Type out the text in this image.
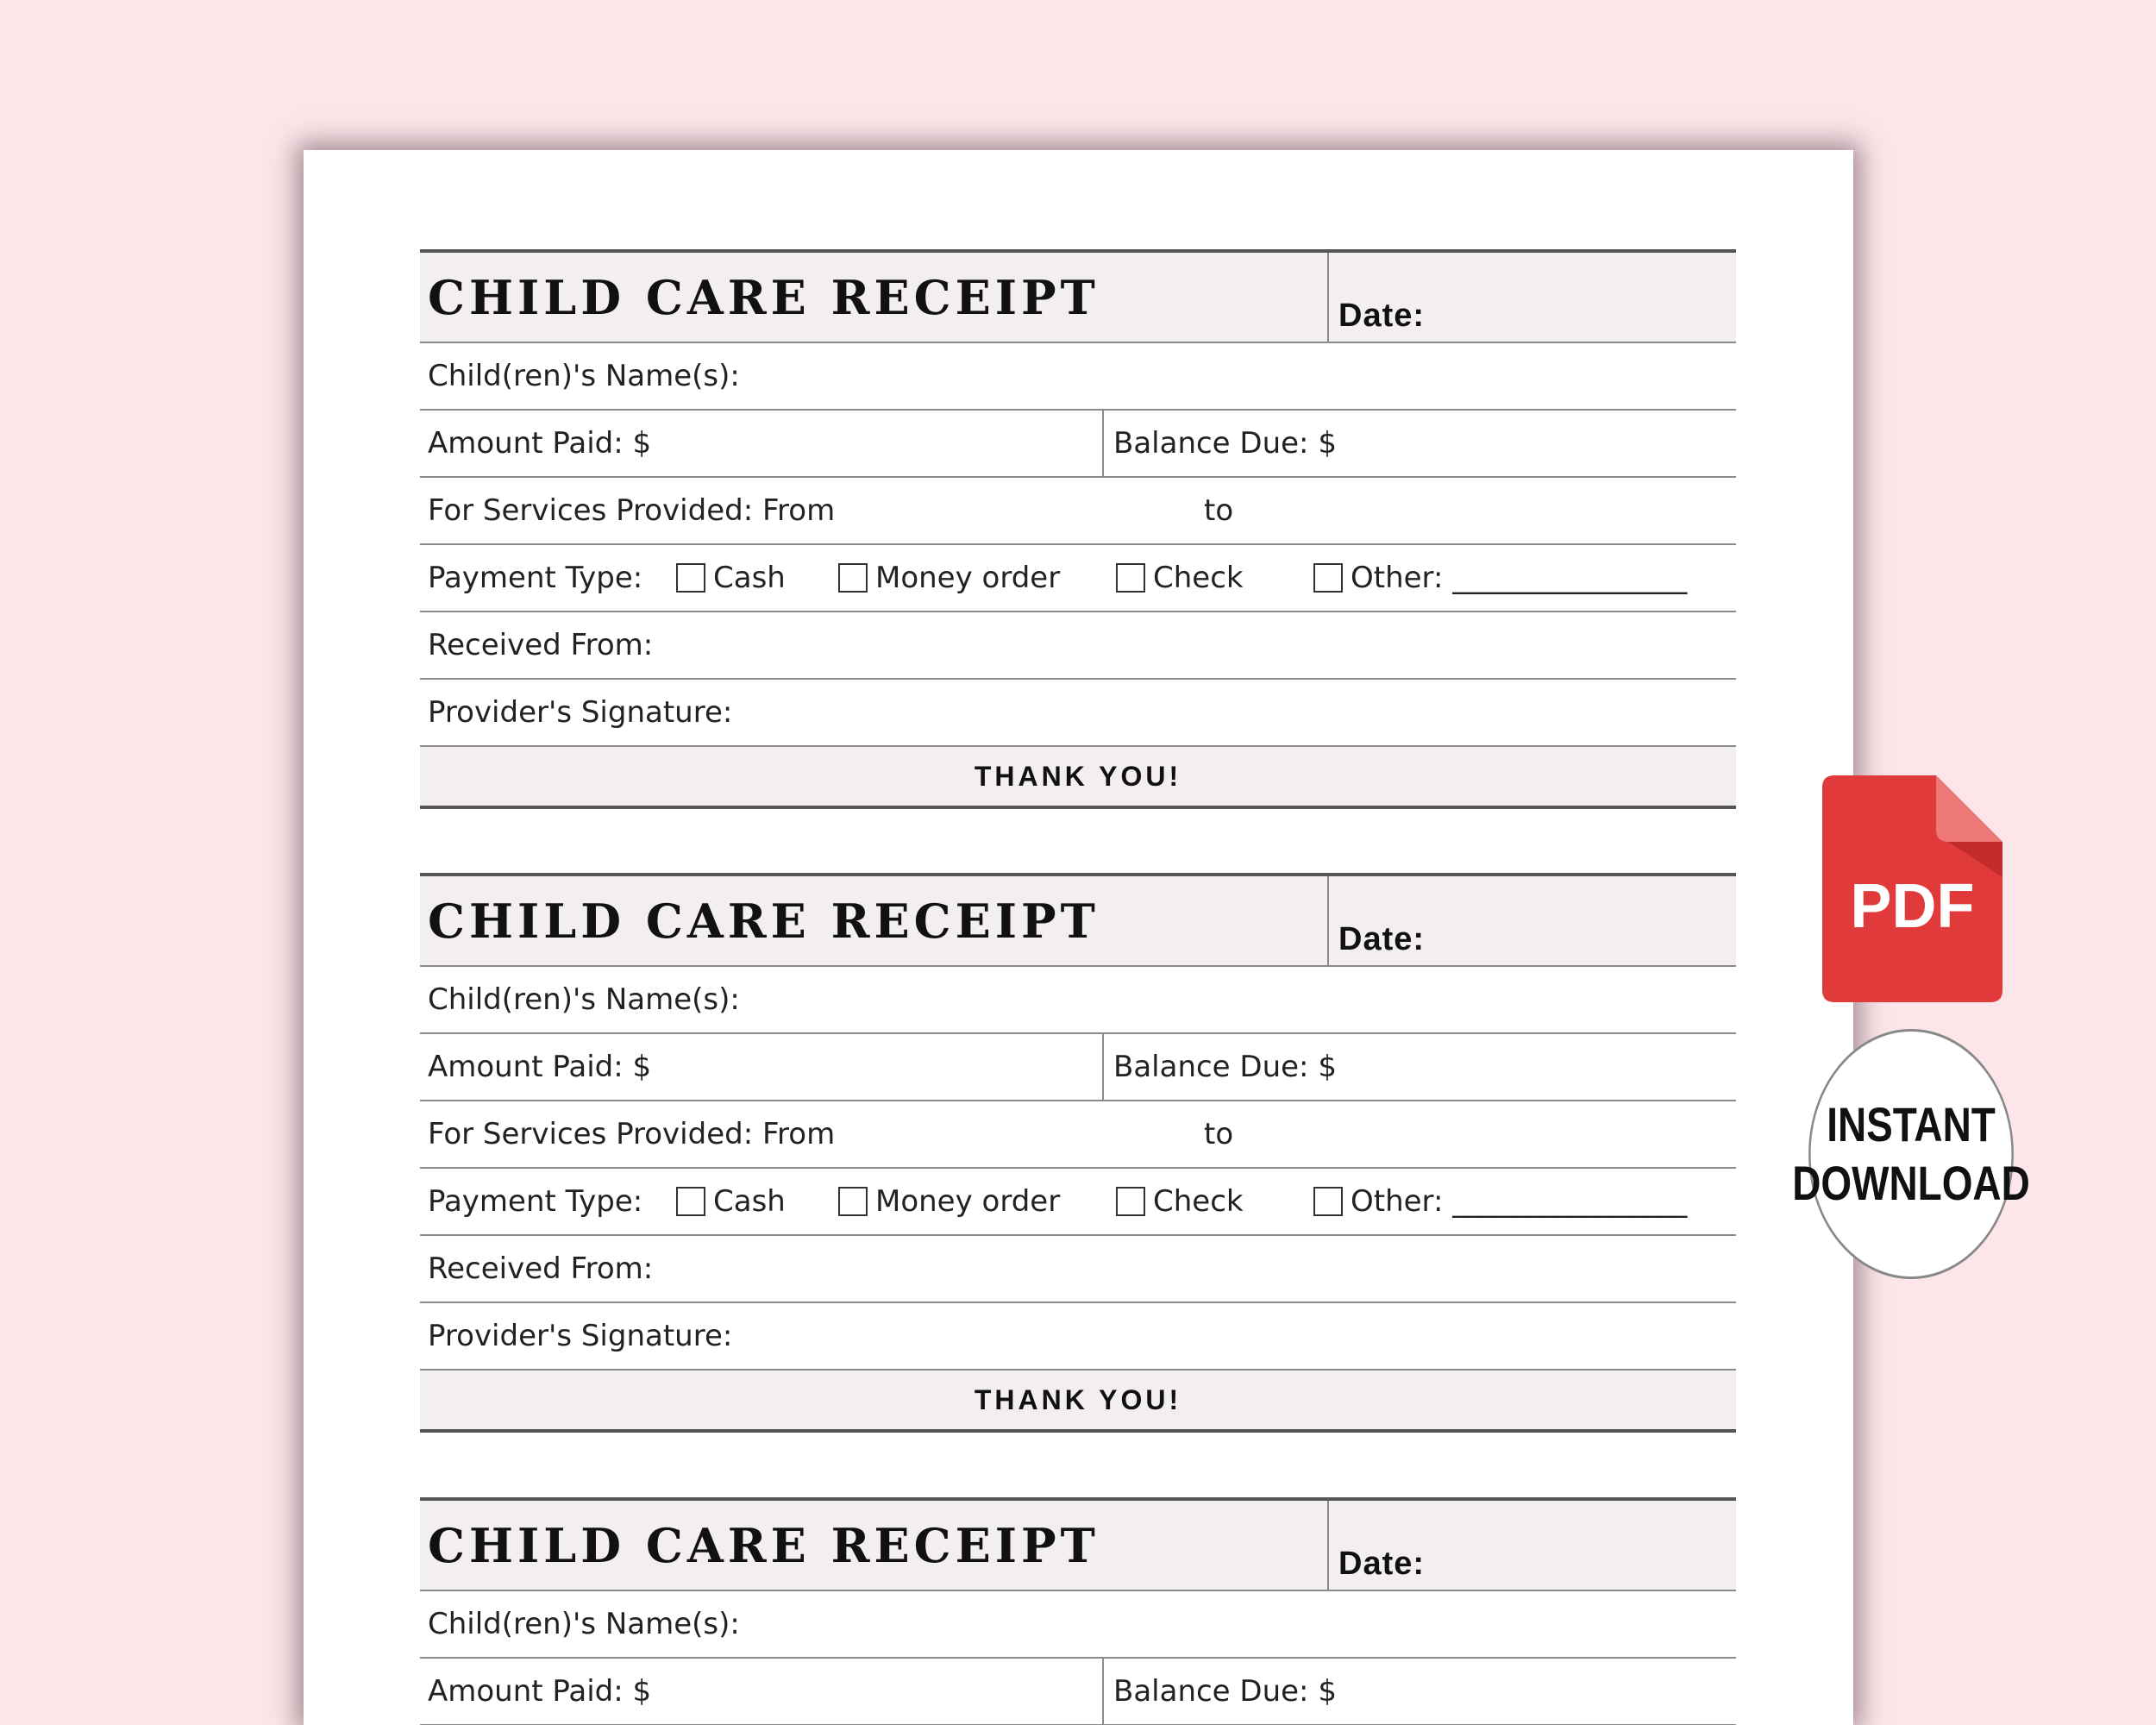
CHILD CARE RECEIPT	Date:
Child(ren)'s Name(s):
Amount Paid: $	Balance Due: $
For Services Provided: From	to
Payment Type:	Cash	Money order	Check	Other: ________________
Received From:
Provider's Signature:
THANK YOU!
CHILD CARE RECEIPT	Date:
Child(ren)'s Name(s):
Amount Paid: $	Balance Due: $
For Services Provided: From	to
Payment Type:	Cash	Money order	Check	Other: ________________
Received From:
Provider's Signature:
THANK YOU!
CHILD CARE RECEIPT	Date:
Child(ren)'s Name(s):
Amount Paid: $	Balance Due: $
PDF
INSTANT
DOWNLOAD
